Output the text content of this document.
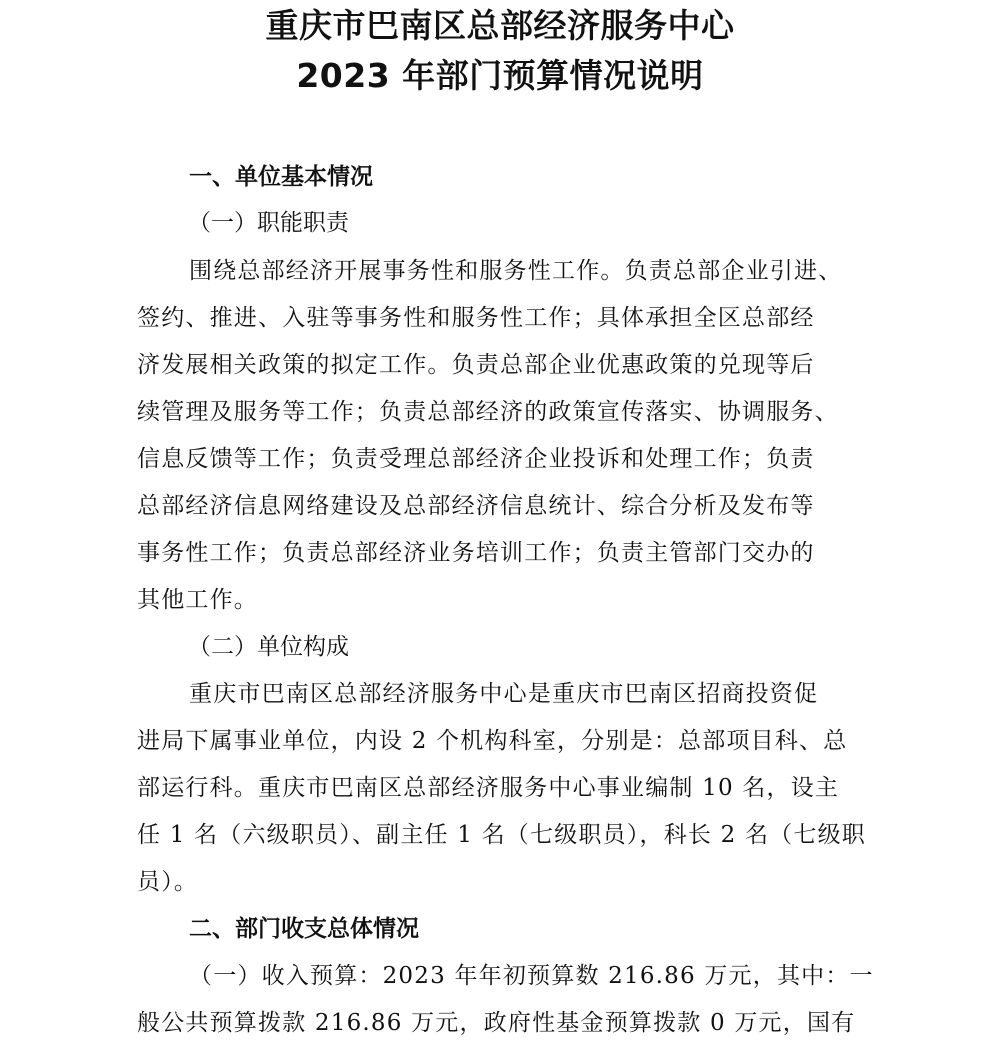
重庆市巴南区总部经济服务中心
2023 年部门预算情况说明
一、单位基本情况
（一）职能职责
围绕总部经济开展事务性和服务性工作。负责总部企业引进、
签约、推进、入驻等事务性和服务性工作；具体承担全区总部经
济发展相关政策的拟定工作。负责总部企业优惠政策的兑现等后
续管理及服务等工作；负责总部经济的政策宣传落实、协调服务、
信息反馈等工作；负责受理总部经济企业投诉和处理工作；负责
总部经济信息网络建设及总部经济信息统计、综合分析及发布等
事务性工作；负责总部经济业务培训工作；负责主管部门交办的
其他工作。
（二）单位构成
重庆市巴南区总部经济服务中心是重庆市巴南区招商投资促
进局下属事业单位，内设 2 个机构科室，分别是：总部项目科、总
部运行科。重庆市巴南区总部经济服务中心事业编制 10 名，设主
任 1 名（六级职员）、副主任 1 名（七级职员），科长 2 名（七级职
员）。
二、部门收支总体情况
（一）收入预算：2023 年年初预算数 216.86 万元，其中：一
般公共预算拨款 216.86 万元，政府性基金预算拨款 0 万元，国有
